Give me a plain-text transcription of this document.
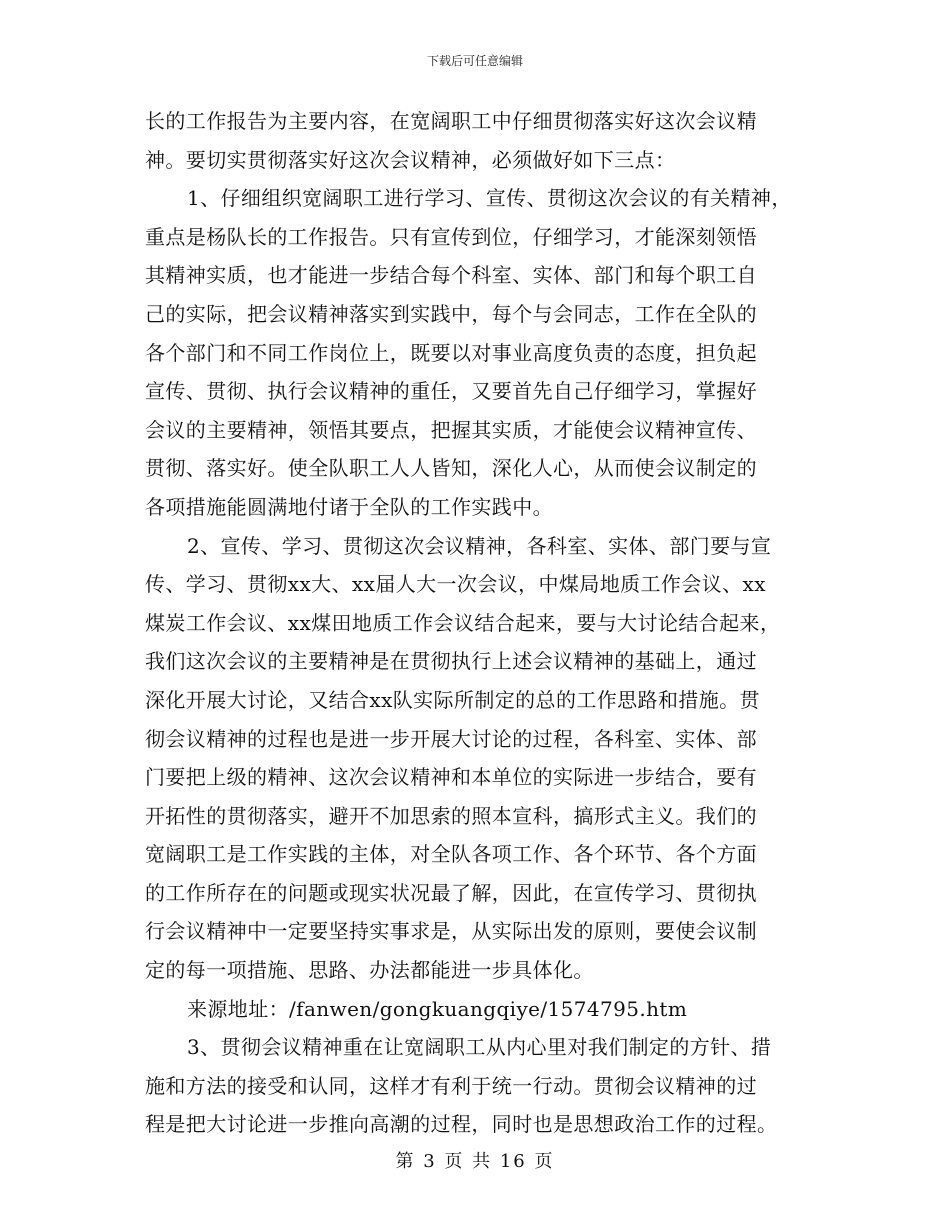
下载后可任意编辑
长的工作报告为主要内容，在宽阔职工中仔细贯彻落实好这次会议精
神。要切实贯彻落实好这次会议精神，必须做好如下三点：
1、仔细组织宽阔职工进行学习、宣传、贯彻这次会议的有关精神，
重点是杨队长的工作报告。只有宣传到位，仔细学习，才能深刻领悟
其精神实质，也才能进一步结合每个科室、实体、部门和每个职工自
己的实际，把会议精神落实到实践中，每个与会同志，工作在全队的
各个部门和不同工作岗位上，既要以对事业高度负责的态度，担负起
宣传、贯彻、执行会议精神的重任，又要首先自己仔细学习，掌握好
会议的主要精神，领悟其要点，把握其实质，才能使会议精神宣传、
贯彻、落实好。使全队职工人人皆知，深化人心，从而使会议制定的
各项措施能圆满地付诸于全队的工作实践中。
2、宣传、学习、贯彻这次会议精神，各科室、实体、部门要与宣
传、学习、贯彻xx大、xx届人大一次会议，中煤局地质工作会议、xx
煤炭工作会议、xx煤田地质工作会议结合起来，要与大讨论结合起来，
我们这次会议的主要精神是在贯彻执行上述会议精神的基础上，通过
深化开展大讨论，又结合xx队实际所制定的总的工作思路和措施。贯
彻会议精神的过程也是进一步开展大讨论的过程，各科室、实体、部
门要把上级的精神、这次会议精神和本单位的实际进一步结合，要有
开拓性的贯彻落实，避开不加思索的照本宣科，搞形式主义。我们的
宽阔职工是工作实践的主体，对全队各项工作、各个环节、各个方面
的工作所存在的问题或现实状况最了解，因此，在宣传学习、贯彻执
行会议精神中一定要坚持实事求是，从实际出发的原则，要使会议制
定的每一项措施、思路、办法都能进一步具体化。
来源地址：/fanwen/gongkuangqiye/1574795.htm
3、贯彻会议精神重在让宽阔职工从内心里对我们制定的方针、措
施和方法的接受和认同，这样才有利于统一行动。贯彻会议精神的过
程是把大讨论进一步推向高潮的过程，同时也是思想政治工作的过程。
第 3 页 共 16 页
